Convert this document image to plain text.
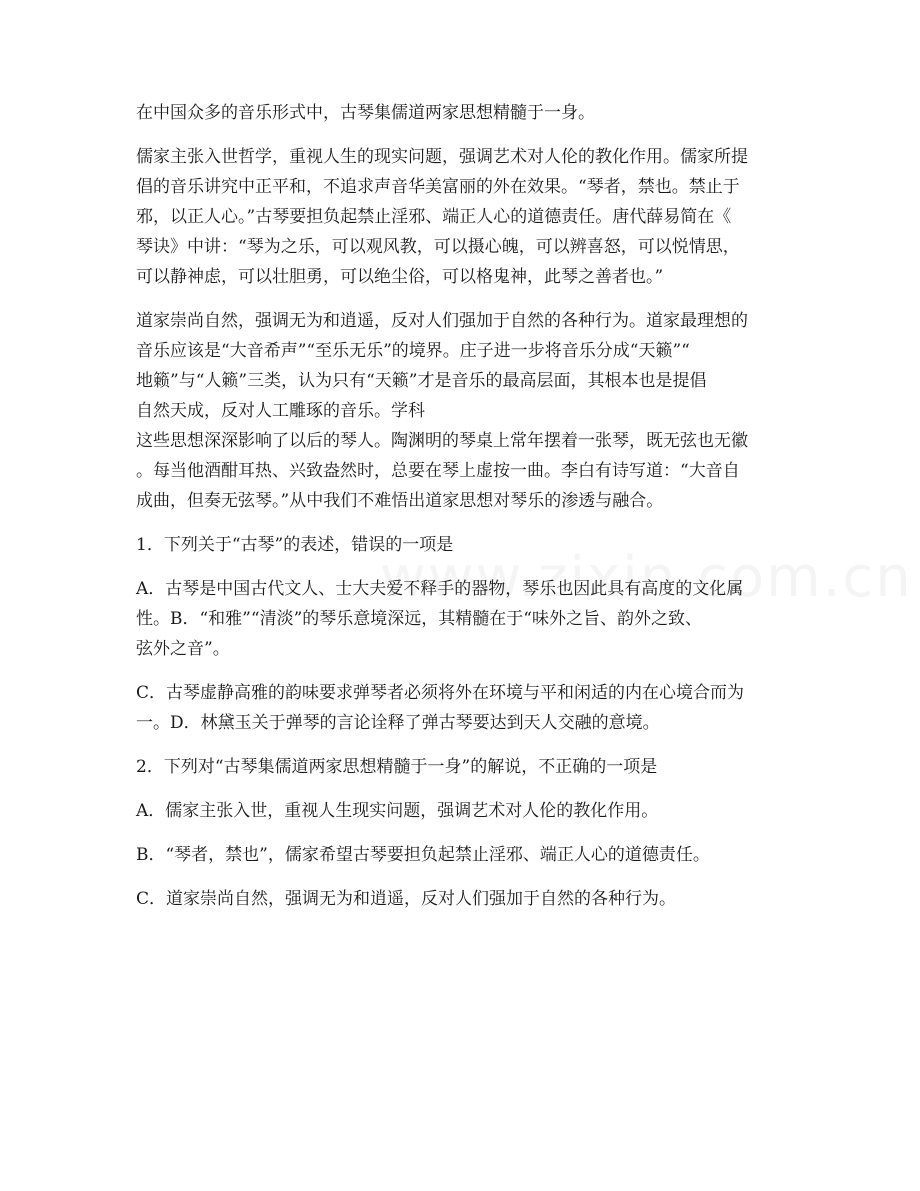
在中国众多的音乐形式中，古琴集儒道两家思想精髓于一身。

儒家主张入世哲学，重视人生的现实问题，强调艺术对人伦的教化作用。儒家所提
倡的音乐讲究中正平和，不追求声音华美富丽的外在效果。“琴者，禁也。禁止于
邪，以正人心。”古琴要担负起禁止淫邪、端正人心的道德责任。唐代薛易简在《
琴诀》中讲：“琴为之乐，可以观风教，可以摄心魄，可以辨喜怒，可以悦情思，
可以静神虑，可以壮胆勇，可以绝尘俗，可以格鬼神，此琴之善者也。”

道家崇尚自然，强调无为和逍遥，反对人们强加于自然的各种行为。道家最理想的
音乐应该是“大音希声”“至乐无乐”的境界。庄子进一步将音乐分成“天籁”“
地籁”与“人籁”三类，认为只有“天籁”才是音乐的最高层面，其根本也是提倡
自然天成，反对人工雕琢的音乐。学科

这些思想深深影响了以后的琴人。陶渊明的琴桌上常年摆着一张琴，既无弦也无徽
。每当他酒酣耳热、兴致盎然时，总要在琴上虚按一曲。李白有诗写道：“大音自
成曲，但奏无弦琴。”从中我们不难悟出道家思想对琴乐的渗透与融合。

1．下列关于“古琴”的表述，错误的一项是

A．古琴是中国古代文人、士大夫爱不释手的器物，琴乐也因此具有高度的文化属
性。B．“和雅”“清淡”的琴乐意境深远，其精髓在于“味外之旨、韵外之致、
弦外之音”。

C．古琴虚静高雅的韵味要求弹琴者必须将外在环境与平和闲适的内在心境合而为
一。D．林黛玉关于弹琴的言论诠释了弹古琴要达到天人交融的意境。

2．下列对“古琴集儒道两家思想精髓于一身”的解说，不正确的一项是

A．儒家主张入世，重视人生现实问题，强调艺术对人伦的教化作用。

B．“琴者，禁也”，儒家希望古琴要担负起禁止淫邪、端正人心的道德责任。

C．道家崇尚自然，强调无为和逍遥，反对人们强加于自然的各种行为。
